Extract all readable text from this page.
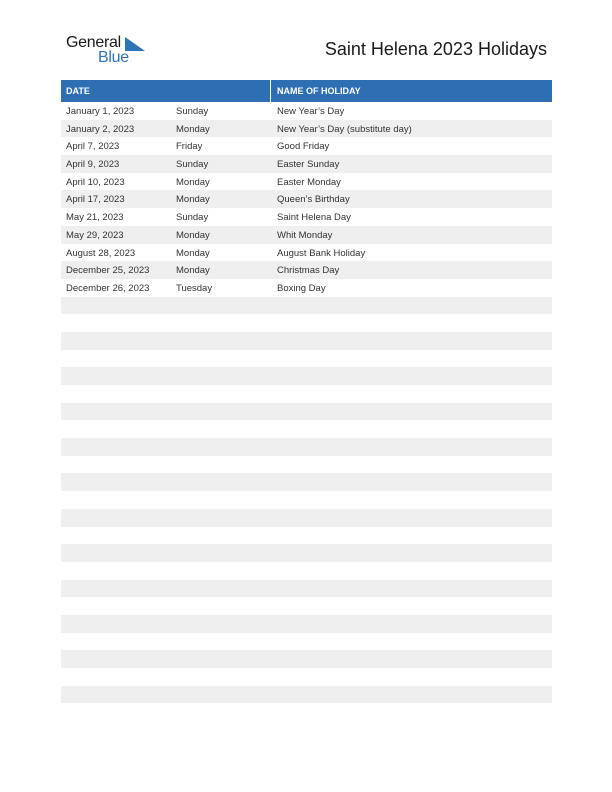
General
Blue	Saint Helena 2023 Holidays
DATE	NAME OF HOLIDAY
January 1, 2023	Sunday	New Year’s Day
January 2, 2023	Monday	New Year’s Day (substitute day)
April 7, 2023	Friday	Good Friday
April 9, 2023	Sunday	Easter Sunday
April 10, 2023	Monday	Easter Monday
April 17, 2023	Monday	Queen’s Birthday
May 21, 2023	Sunday	Saint Helena Day
May 29, 2023	Monday	Whit Monday
August 28, 2023	Monday	August Bank Holiday
December 25, 2023	Monday	Christmas Day
December 26, 2023	Tuesday	Boxing Day
